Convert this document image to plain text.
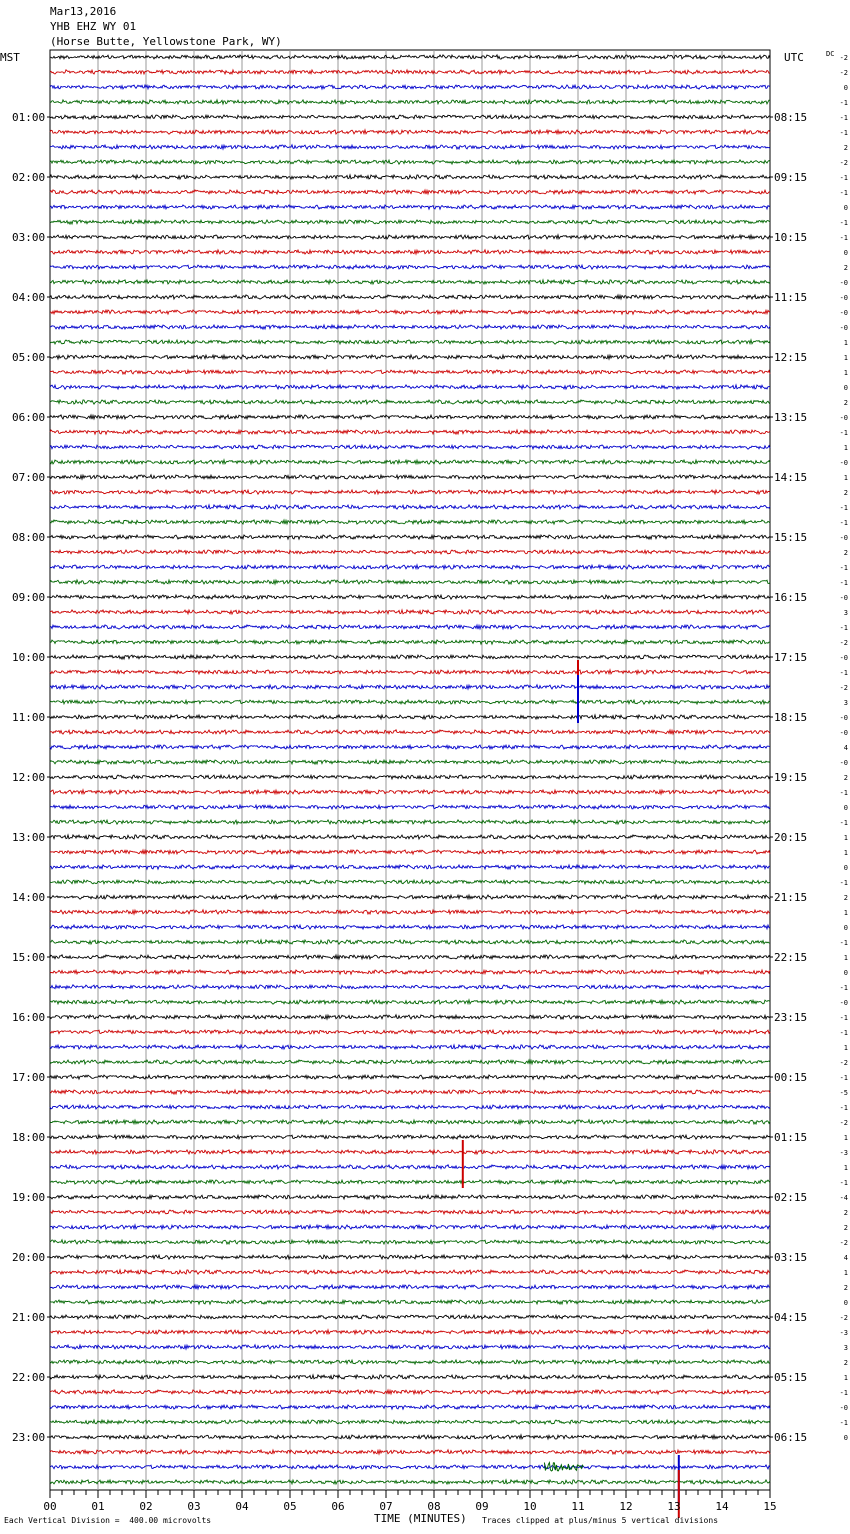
Mar13,2016
YHB EHZ WY 01
(Horse Butte, Yellowstone Park, WY)
01:00
02:00
03:00
04:00
05:00
06:00
07:00
08:00
09:00
10:00
11:00
12:00
13:00
14:00
15:00
16:00
17:00
18:00
19:00
20:00
21:00
22:00
23:00
08:15
09:15
10:15
11:15
12:15
13:15
14:15
15:15
16:15
17:15
18:15
19:15
20:15
21:15
22:15
23:15
00:15
01:15
02:15
03:15
04:15
05:15
06:15
MST	UTC	DC -2
-2
0
-1
-1
-1
2
-2
-1
-1
0
-1
-1
0
2
-0
-0
-0
-0
1
1
1
0
2
-0
-1
1
-0
1
2
-1
-1
-0
2
-1
-1
-0
3
-1
-2
-0
-1
-2
3
-0
-0
4
-0
2
-1
0
-1
1
1
0
-1
2
1
0
-1
1
0
-1
-0
-1
-1
1
-2
-1
-5
-1
-2
1
-3
1
-1
-4
2
2
-2
4
1
2
0
-2
-3
3
2
1
-1
-0
-1
0
00	01	02	03	04	05	06	07	08	09	10	11	12	13	14	15
Each Vertical Division =  400.00 microvolts	TIME (MINUTES) Traces clipped at plus/minus 5 vertical divisions
